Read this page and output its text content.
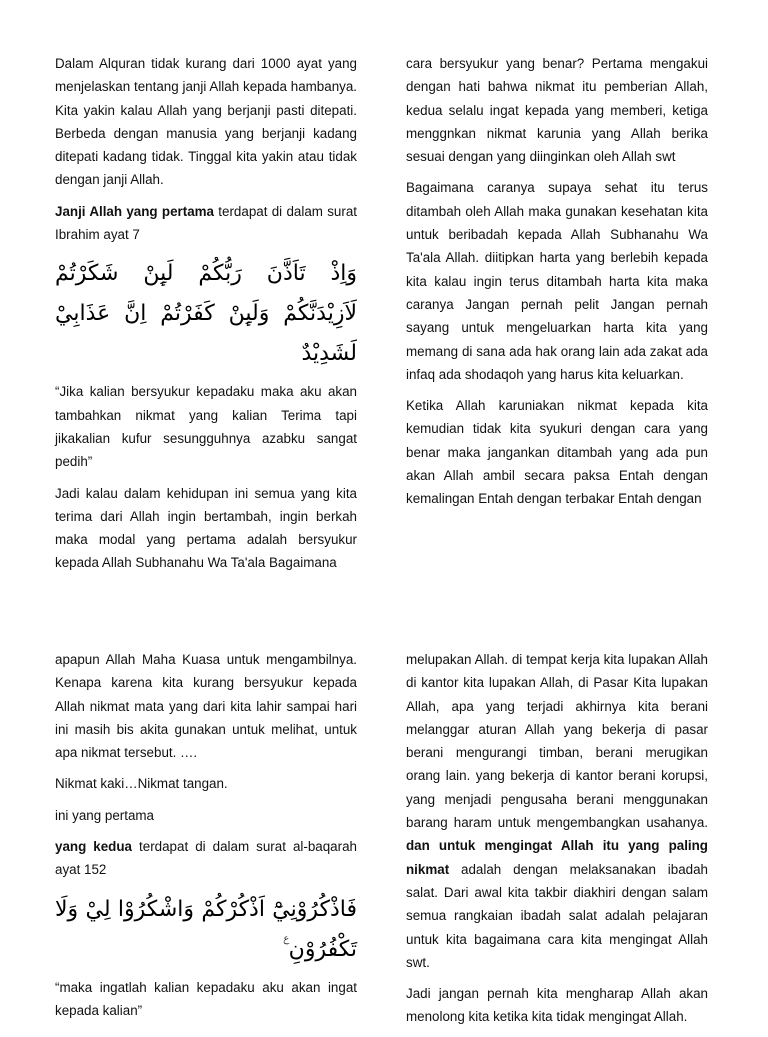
Dalam Alquran tidak kurang dari 1000 ayat yang menjelaskan tentang janji Allah kepada hambanya. Kita yakin kalau Allah yang berjanji pasti ditepati. Berbeda dengan manusia yang berjanji kadang ditepati kadang tidak. Tinggal kita yakin atau tidak dengan janji Allah.

Janji Allah yang pertama terdapat di dalam surat Ibrahim ayat 7

وَاِذْ تَاَذَّنَ رَبُّكُمْ لَىِٕنْ شَكَرْتُمْ لَاَزِيْدَنَّكُمْ وَلَىِٕنْ كَفَرْتُمْ اِنَّ عَذَابِيْ لَشَدِيْدٌ

“Jika kalian bersyukur kepadaku maka aku akan tambahkan nikmat yang kalian Terima tapi jikakalian kufur sesungguhnya azabku sangat pedih”

Jadi kalau dalam kehidupan ini semua yang kita terima dari Allah ingin bertambah, ingin berkah maka modal yang pertama adalah bersyukur kepada Allah Subhanahu Wa Ta'ala Bagaimana

cara bersyukur yang benar? Pertama mengakui dengan hati bahwa nikmat itu pemberian Allah, kedua selalu ingat kepada yang memberi, ketiga menggnkan nikmat karunia yang Allah berika sesuai dengan yang diinginkan oleh Allah swt

Bagaimana caranya supaya sehat itu terus ditambah oleh Allah maka gunakan kesehatan kita untuk beribadah kepada Allah Subhanahu Wa Ta'ala Allah. diitipkan harta yang berlebih kepada kita kalau ingin terus ditambah harta kita maka caranya Jangan pernah pelit Jangan pernah sayang untuk mengeluarkan harta kita yang memang di sana ada hak orang lain ada zakat ada infaq ada shodaqoh yang harus kita keluarkan.

Ketika Allah karuniakan nikmat kepada kita kemudian tidak kita syukuri dengan cara yang benar maka jangankan ditambah yang ada pun akan Allah ambil secara paksa Entah dengan kemalingan Entah dengan terbakar Entah dengan

apapun Allah Maha Kuasa untuk mengambilnya. Kenapa karena kita kurang bersyukur kepada Allah nikmat mata yang dari kita lahir sampai hari ini masih bis akita gunakan untuk melihat, untuk apa nikmat tersebut. ….

Nikmat kaki…Nikmat tangan.

ini yang pertama

yang kedua terdapat di dalam surat al-baqarah ayat 152

فَاذْكُرُوْنِيْٓ اَذْكُرْكُمْ وَاشْكُرُوْا لِيْ وَلَا تَكْفُرُوْنِ ࣖ

“maka ingatlah kalian kepadaku aku akan ingat kepada kalian”

melupakan Allah. di tempat kerja kita lupakan Allah di kantor kita lupakan Allah, di Pasar Kita lupakan Allah, apa yang terjadi akhirnya kita berani melanggar aturan Allah yang bekerja di pasar berani mengurangi timban, berani merugikan orang lain. yang bekerja di kantor berani korupsi, yang menjadi pengusaha berani menggunakan barang haram untuk mengembangkan usahanya. dan untuk mengingat Allah itu yang paling nikmat adalah dengan melaksanakan ibadah salat. Dari awal kita takbir diakhiri dengan salam semua rangkaian ibadah salat adalah pelajaran untuk kita bagaimana cara kita mengingat Allah swt.

Jadi jangan pernah kita mengharap Allah akan menolong kita ketika kita tidak mengingat Allah.
